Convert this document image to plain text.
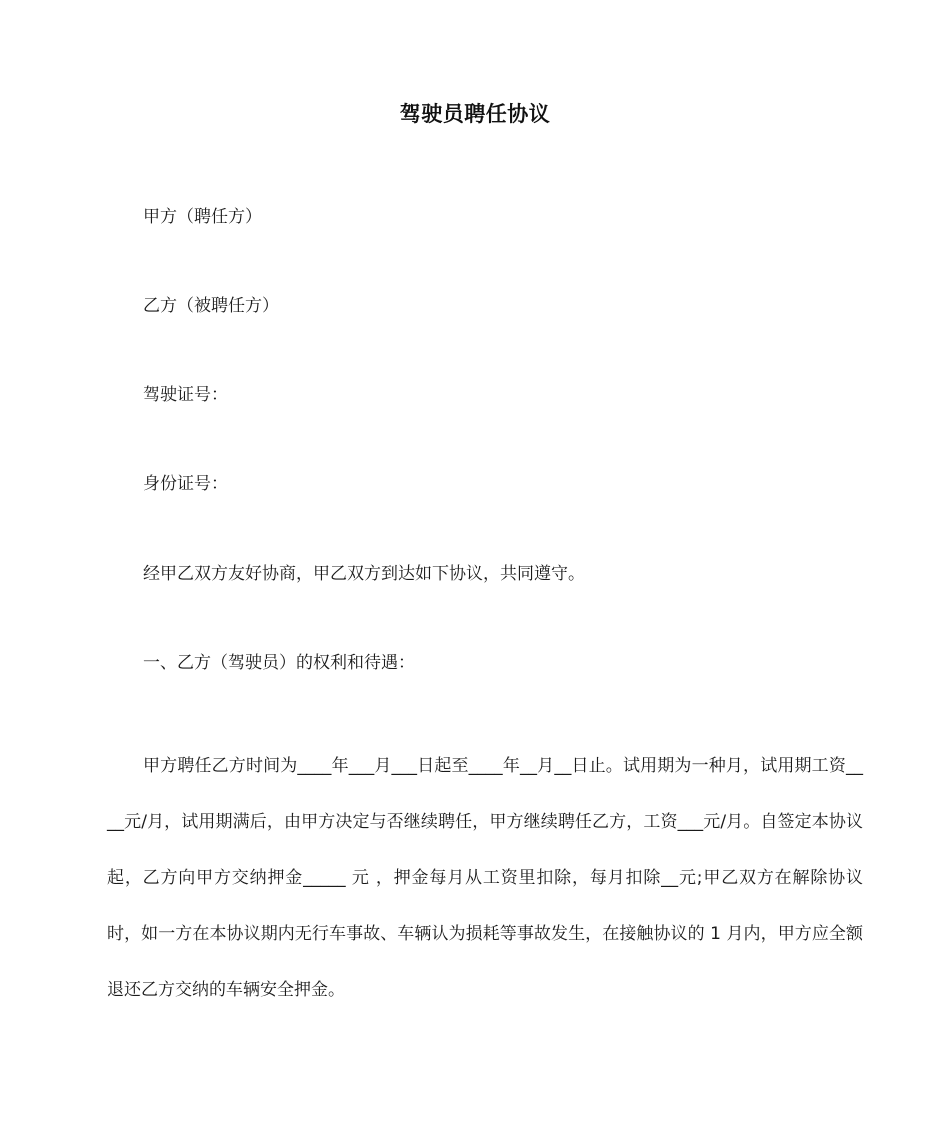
驾驶员聘任协议
甲方（聘任方）
乙方（被聘任方）
驾驶证号：
身份证号：
经甲乙双方友好协商，甲乙双方到达如下协议，共同遵守。
一、乙方（驾驶员）的权利和待遇：
甲方聘任乙方时间为____年___月___日起至____年__月__日止。试用期为一种月，试用期工资____元/月，试用期满后，由甲方决定与否继续聘任，甲方继续聘任乙方，工资___元/月。自签定本协议起，乙方向甲方交纳押金_____ 元 ，押金每月从工资里扣除，每月扣除__元;甲乙双方在解除协议时，如一方在本协议期内无行车事故、车辆认为损耗等事故发生，在接触协议的 1 月内，甲方应全额退还乙方交纳的车辆安全押金。
